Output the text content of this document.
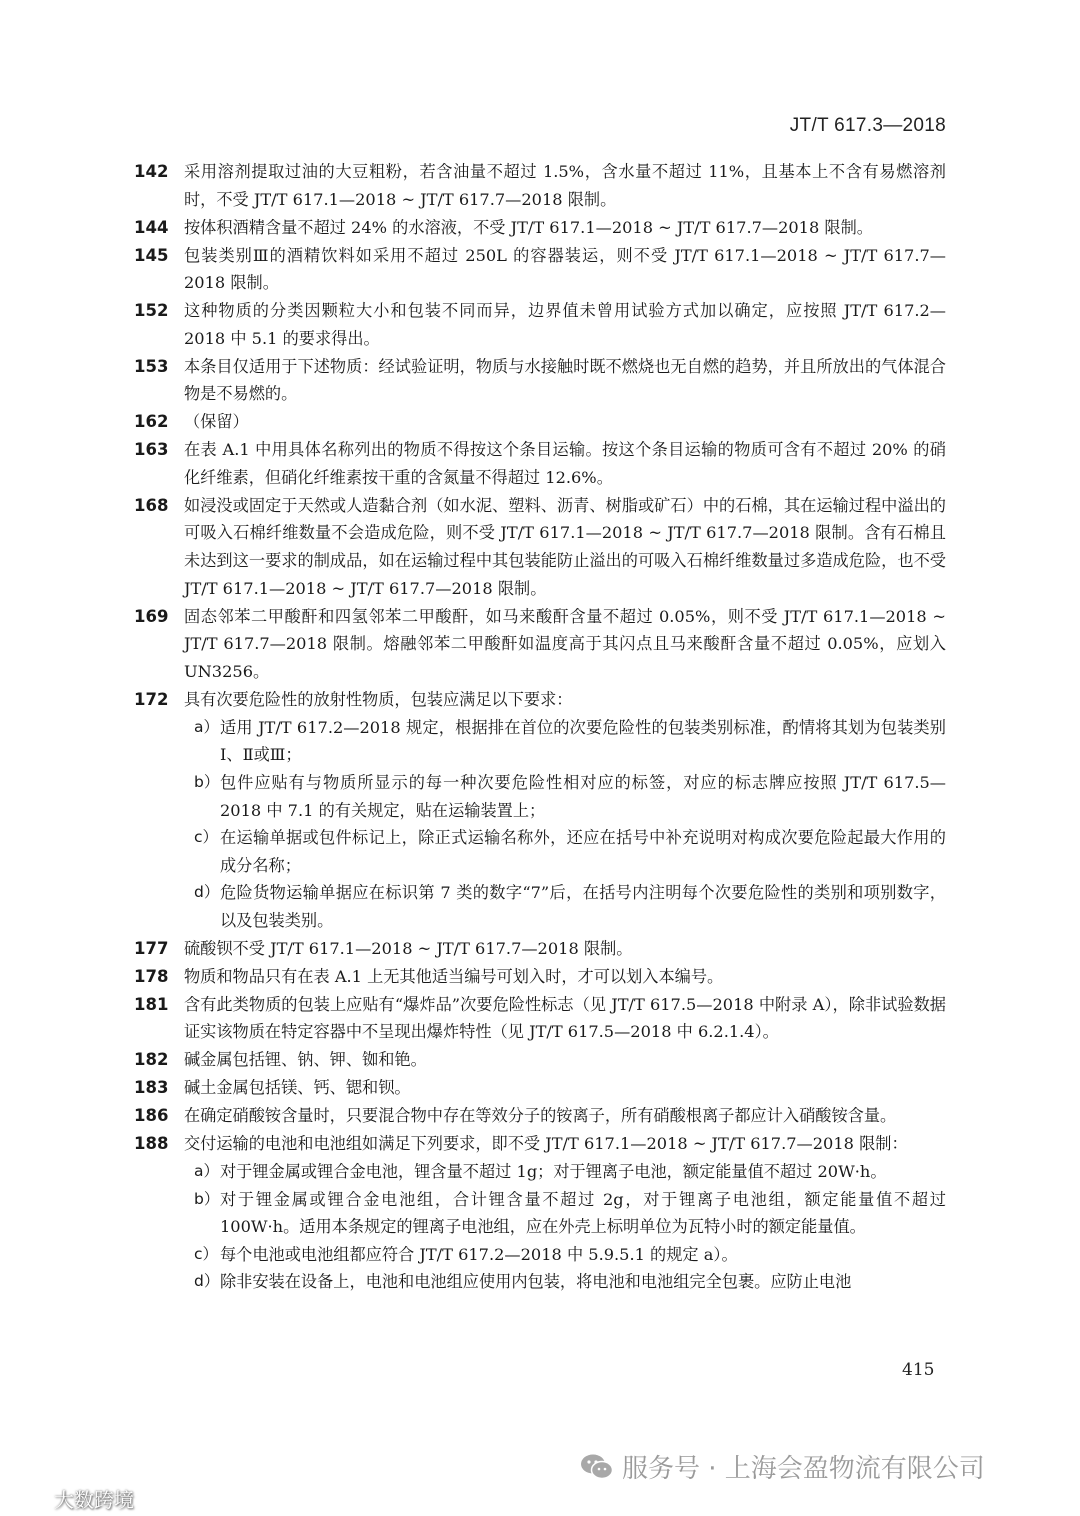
JT/T 617.3—2018
142 采用溶剂提取过油的大豆粗粉，若含油量不超过 1.5%，含水量不超过 11%，且基本上不含有易燃溶剂时，不受 JT/T 617.1—2018 ~ JT/T 617.7—2018 限制。
144 按体积酒精含量不超过 24% 的水溶液，不受 JT/T 617.1—2018 ~ JT/T 617.7—2018 限制。
145 包装类别Ⅲ的酒精饮料如采用不超过 250L 的容器装运，则不受 JT/T 617.1—2018 ~ JT/T 617.7—2018 限制。
152 这种物质的分类因颗粒大小和包装不同而异，边界值未曾用试验方式加以确定，应按照 JT/T 617.2—2018 中 5.1 的要求得出。
153 本条目仅适用于下述物质：经试验证明，物质与水接触时既不燃烧也无自燃的趋势，并且所放出的气体混合物是不易燃的。
162 （保留）
163 在表 A.1 中用具体名称列出的物质不得按这个条目运输。按这个条目运输的物质可含有不超过 20% 的硝化纤维素，但硝化纤维素按干重的含氮量不得超过 12.6%。
168 如浸没或固定于天然或人造黏合剂（如水泥、塑料、沥青、树脂或矿石）中的石棉，其在运输过程中溢出的可吸入石棉纤维数量不会造成危险，则不受 JT/T 617.1—2018 ~ JT/T 617.7—2018 限制。含有石棉且未达到这一要求的制成品，如在运输过程中其包装能防止溢出的可吸入石棉纤维数量过多造成危险，也不受 JT/T 617.1—2018 ~ JT/T 617.7—2018 限制。
169 固态邻苯二甲酸酐和四氢邻苯二甲酸酐，如马来酸酐含量不超过 0.05%，则不受 JT/T 617.1—2018 ~ JT/T 617.7—2018 限制。熔融邻苯二甲酸酐如温度高于其闪点且马来酸酐含量不超过 0.05%，应划入 UN3256。
172 具有次要危险性的放射性物质，包装应满足以下要求：
a） 适用 JT/T 617.2—2018 规定，根据排在首位的次要危险性的包装类别标准，酌情将其划为包装类别Ⅰ、Ⅱ或Ⅲ；
b） 包件应贴有与物质所显示的每一种次要危险性相对应的标签，对应的标志牌应按照 JT/T 617.5—2018 中 7.1 的有关规定，贴在运输装置上；
c） 在运输单据或包件标记上，除正式运输名称外，还应在括号中补充说明对构成次要危险起最大作用的成分名称；
d） 危险货物运输单据应在标识第 7 类的数字“7”后，在括号内注明每个次要危险性的类别和项别数字，以及包装类别。
177 硫酸钡不受 JT/T 617.1—2018 ~ JT/T 617.7—2018 限制。
178 物质和物品只有在表 A.1 上无其他适当编号可划入时，才可以划入本编号。
181 含有此类物质的包装上应贴有“爆炸品”次要危险性标志（见 JT/T 617.5—2018 中附录 A），除非试验数据证实该物质在特定容器中不呈现出爆炸特性（见 JT/T 617.5—2018 中 6.2.1.4）。
182 碱金属包括锂、钠、钾、铷和铯。
183 碱土金属包括镁、钙、锶和钡。
186 在确定硝酸铵含量时，只要混合物中存在等效分子的铵离子，所有硝酸根离子都应计入硝酸铵含量。
188 交付运输的电池和电池组如满足下列要求，即不受 JT/T 617.1—2018 ~ JT/T 617.7—2018 限制：
a） 对于锂金属或锂合金电池，锂含量不超过 1g；对于锂离子电池，额定能量值不超过 20W·h。
b） 对于锂金属或锂合金电池组，合计锂含量不超过 2g，对于锂离子电池组，额定能量值不超过 100W·h。适用本条规定的锂离子电池组，应在外壳上标明单位为瓦特小时的额定能量值。
c） 每个电池或电池组都应符合 JT/T 617.2—2018 中 5.9.5.1 的规定 a）。
d） 除非安装在设备上，电池和电池组应使用内包装，将电池和电池组完全包裹。应防止电池
415
服务号 · 上海会盈物流有限公司
大数跨境
